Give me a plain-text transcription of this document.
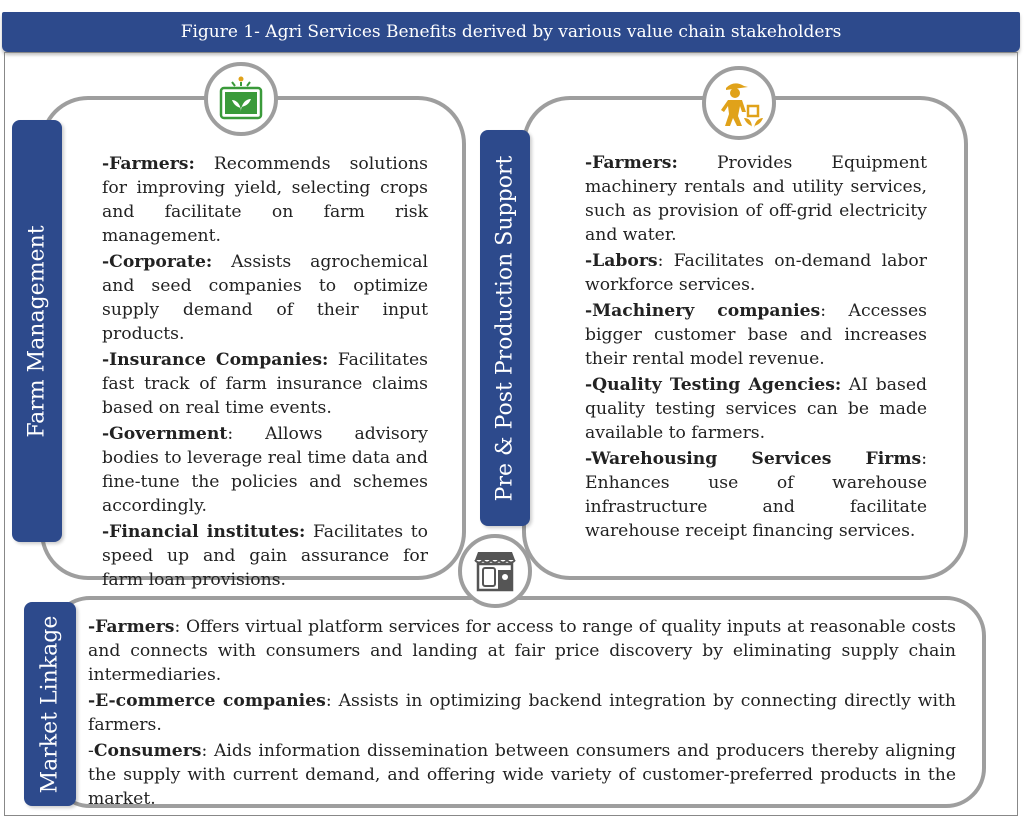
Figure 1- Agri Services Benefits derived by various value chain stakeholders
Farm Management

-Farmers: Recommends solutions for improving yield, selecting crops and facilitate on farm risk management.

-Corporate: Assists agrochemical and seed companies to optimize supply demand of their input products.

-Insurance Companies: Facilitates fast track of farm insurance claims based on real time events.

-Government: Allows advisory bodies to leverage real time data and fine-tune the policies and schemes accordingly.

-Financial institutes: Facilitates to speed up and gain assurance for farm loan provisions.

Pre & Post Production Support	-Farmers: Provides Equipment machinery rentals and utility services, such as provision of off-grid electricity and water.

-Labors: Facilitates on-demand labor workforce services.

-Machinery companies: Accesses bigger customer base and increases their rental model revenue.

-Quality Testing Agencies: AI based quality testing services can be made available to farmers.

-Warehousing Services Firms: Enhances use of warehouse infrastructure and facilitate warehouse receipt financing services.

Market Linkage -Farmers: Offers virtual platform services for access to range of quality inputs at reasonable costs and connects with consumers and landing at fair price discovery by eliminating supply chain intermediaries.

-E-commerce companies: Assists in optimizing backend integration by connecting directly with farmers.

-Consumers: Aids information dissemination between consumers and producers thereby aligning the supply with current demand, and offering wide variety of customer-preferred products in the market.
